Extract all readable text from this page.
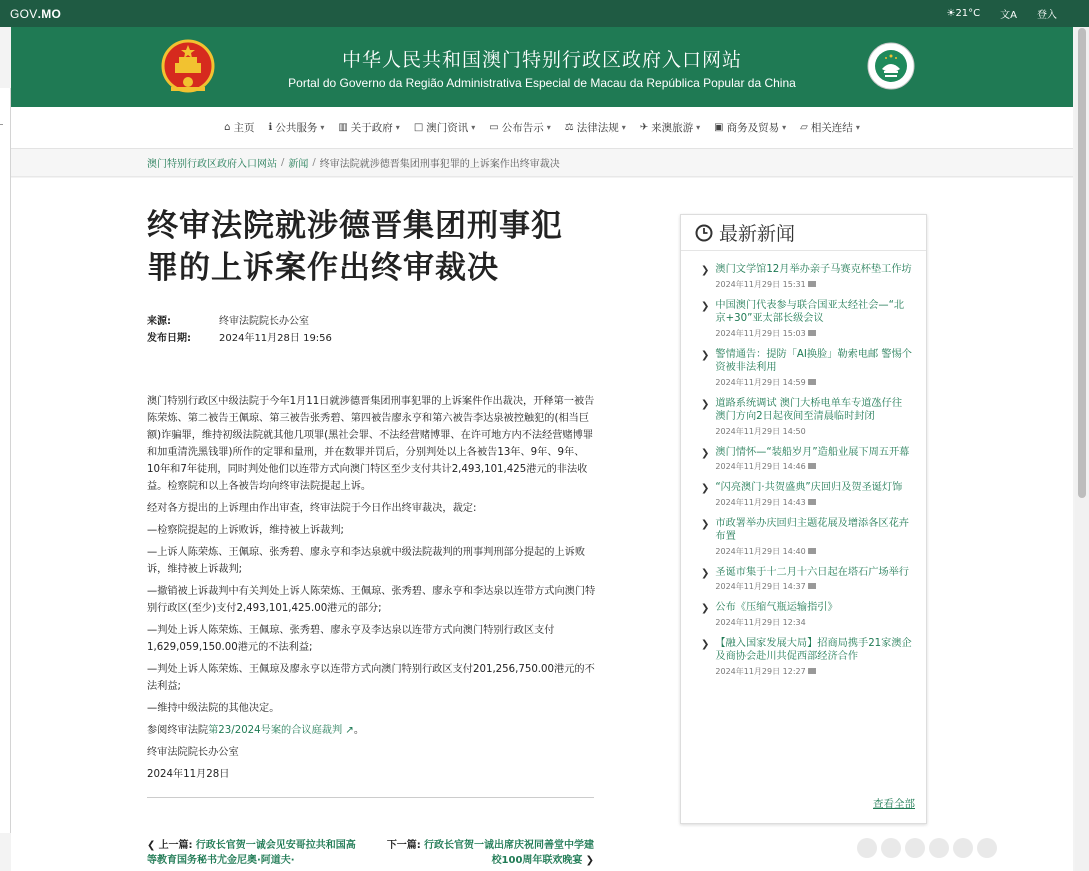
GOV.MO	☀21°C 文A 登入
中华人民共和国澳门特别行政区政府入口网站
Portal do Governo da Região Administrativa Especial de Macau da República Popular da China
⌂ 主页 ℹ 公共服务 ▾ ▥ 关于政府 ▾ □ 澳门资讯 ▾ ▭ 公布告示 ▾ ⚖ 法律法规 ▾ ✈ 来澳旅游 ▾ ▣ 商务及贸易 ▾ ▱ 相关连结 ▾
澳门特别行政区政府入口网站 / 新闻 / 终审法院就涉德晋集团刑事犯罪的上诉案作出终审裁决
终审法院就涉德晋集团刑事犯罪的上诉案作出终审裁决
来源:	终审法院院长办公室
发布日期:	2024年11月28日 19:56

澳门特别行政区中级法院于今年1月11日就涉德晋集团刑事犯罪的上诉案件作出裁决，开释第一被告陈荣炼、第二被告王佩琼、第三被告张秀碧、第四被告廖永亨和第六被告李达泉被控触犯的(相当巨额)诈骗罪，维持初级法院就其他几项罪(黑社会罪、不法经营赌博罪、在许可地方内不法经营赌博罪和加重清洗黑钱罪)所作的定罪和量刑，并在数罪并罚后，分别判处以上各被告13年、9年、9年、10年和7年徒刑，同时判处他们以连带方式向澳门特区至少支付共计2,493,101,425港元的非法收益。检察院和以上各被告均向终审法院提起上诉。

经对各方提出的上诉理由作出审查，终审法院于今日作出终审裁决，裁定:

—检察院提起的上诉败诉，维持被上诉裁判;

—上诉人陈荣炼、王佩琼、张秀碧、廖永亨和李达泉就中级法院裁判的刑事判刑部分提起的上诉败诉，维持被上诉裁判;

—撤销被上诉裁判中有关判处上诉人陈荣炼、王佩琼、张秀碧、廖永亨和李达泉以连带方式向澳门特别行政区(至少)支付2,493,101,425.00港元的部分;

—判处上诉人陈荣炼、王佩琼、张秀碧、廖永亨及李达泉以连带方式向澳门特别行政区支付1,629,059,150.00港元的不法利益;

—判处上诉人陈荣炼、王佩琼及廖永亨以连带方式向澳门特别行政区支付201,256,750.00港元的不法利益;

—维持中级法院的其他决定。

参阅终审法院第23/2024号案的合议庭裁判 ↗。

终审法院院长办公室

2024年11月28日

❮ 上一篇: 行政长官贺一诚会见安哥拉共和国高等教育国务秘书尤金尼奥·阿道夫·
下一篇: 行政长官贺一诚出席庆祝同善堂中学建校100周年联欢晚宴 ❯
最新新闻
❯ 澳门文学馆12月举办亲子马赛克杯垫工作坊
2024年11月29日 15:31
❯ 中国澳门代表参与联合国亚太经社会—“北京+30”亚太部长级会议
2024年11月29日 15:03
❯ 警情通告：提防「AI换脸」勒索电邮 警惕个资被非法利用
2024年11月29日 14:59
❯ 道路系统调试 澳门大桥电单车专道氹仔往澳门方向2日起夜间至清晨临时封闭
2024年11月29日 14:50
❯ 澳门情怀—“装船岁月”造船业展下周五开幕
2024年11月29日 14:46
❯ “闪亮澳门·共贺盛典”庆回归及贺圣诞灯饰
2024年11月29日 14:43
❯ 市政署举办庆回归主题花展及增添各区花卉布置
2024年11月29日 14:40
❯ 圣诞市集于十二月十六日起在塔石广场举行
2024年11月29日 14:37
❯ 公布《压缩气瓶运输指引》
2024年11月29日 12:34
❯ 【融入国家发展大局】招商局携手21家澳企及商协会赴川共促西部经济合作
2024年11月29日 12:27
查看全部
